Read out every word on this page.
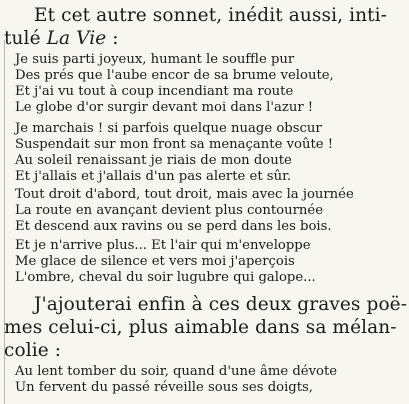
Et cet autre sonnet, inédit aussi, inti-
tulé La Vie :
Je suis parti joyeux, humant le souffle pur
Des prés que l'aube encor de sa brume veloute,
Et j'ai vu tout à coup incendiant ma route
Le globe d'or surgir devant moi dans l'azur !
Je marchais ! si parfois quelque nuage obscur
Suspendait sur mon front sa menaçante voûte !
Au soleil renaissant je riais de mon doute
Et j'allais et j'allais d'un pas alerte et sûr.
Tout droit d'abord, tout droit, mais avec la journée
La route en avançant devient plus contournée
Et descend aux ravins ou se perd dans les bois.
Et je n'arrive plus... Et l'air qui m'enveloppe
Me glace de silence et vers moi j'aperçois
L'ombre, cheval du soir lugubre qui galope...
J'ajouterai enfin à ces deux graves poë-
mes celui-ci, plus aimable dans sa mélan-
colie :
Au lent tomber du soir, quand d'une âme dévote
Un fervent du passé réveille sous ses doigts,
